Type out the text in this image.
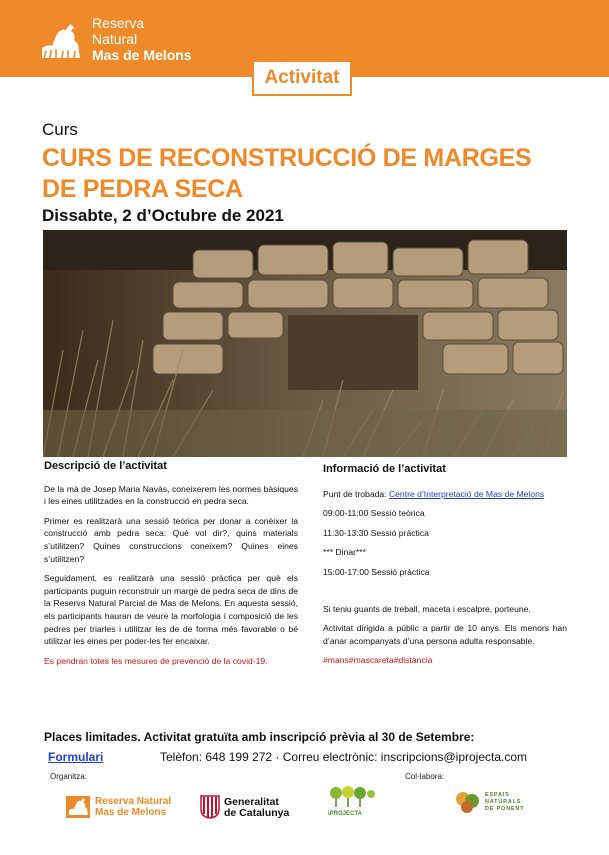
Reserva
Natural
Mas de Melons
Activitat
Curs
CURS DE RECONSTRUCCIÓ DE MARGES DE PEDRA SECA
Dissabte, 2 d’Octubre de 2021
Descripció de l’activitat

De la mà de Josep Maria Navàs, coneixerem les normes bàsiques i les eines utilitzades en la construcció en pedra seca.

Primer es realitzarà una sessió teòrica per donar a conèixer la construcció amb pedra seca: Què vol dir?, quins materials s’utilitzen? Quines construccions coneixem? Quines eines s’utilitzen?

Seguidament, es realitzarà una sessió pràctica per què els participants puguin reconstruir un marge de pedra seca de dins de la Reserva Natural Parcial de Mas de Melons. En aquesta sessió, els participants hauran de veure la morfologia i composició de les pedres per triarles i utilitzar les de de forma més favorable o bé utilitzar les eines per poder-les fer encaixar.

Es pendran totes les mesures de prevenció de la covid-19.

Informació de l’activitat

Punt de trobada: Centre d’Interpretació de Mas de Melons

09:00-11:00 Sessió teòrica

11:30-13:30 Sessió pràctica

*** Dinar***

15:00-17:00 Sessió pràctica

Si teniu guants de treball, maceta i escalpre, porteune.

Activitat dirigida a públic a partir de 10 anys. Els menors han d’anar acompanyats d’una persona adulta responsable.

#mans#mascareta#distància

Places limitades. Activitat gratuïta amb inscripció prèvia al 30 de Setembre:
Formulari	Telèfon: 648 199 272 · Correu electrònic: inscripcions@iprojecta.com
Organitza:	Col·labora:
Reserva Natural
Mas de Melons
Generalitat
de Catalunya	iPROJECTA
ESPAIS
NATURALS
DE PONENT
